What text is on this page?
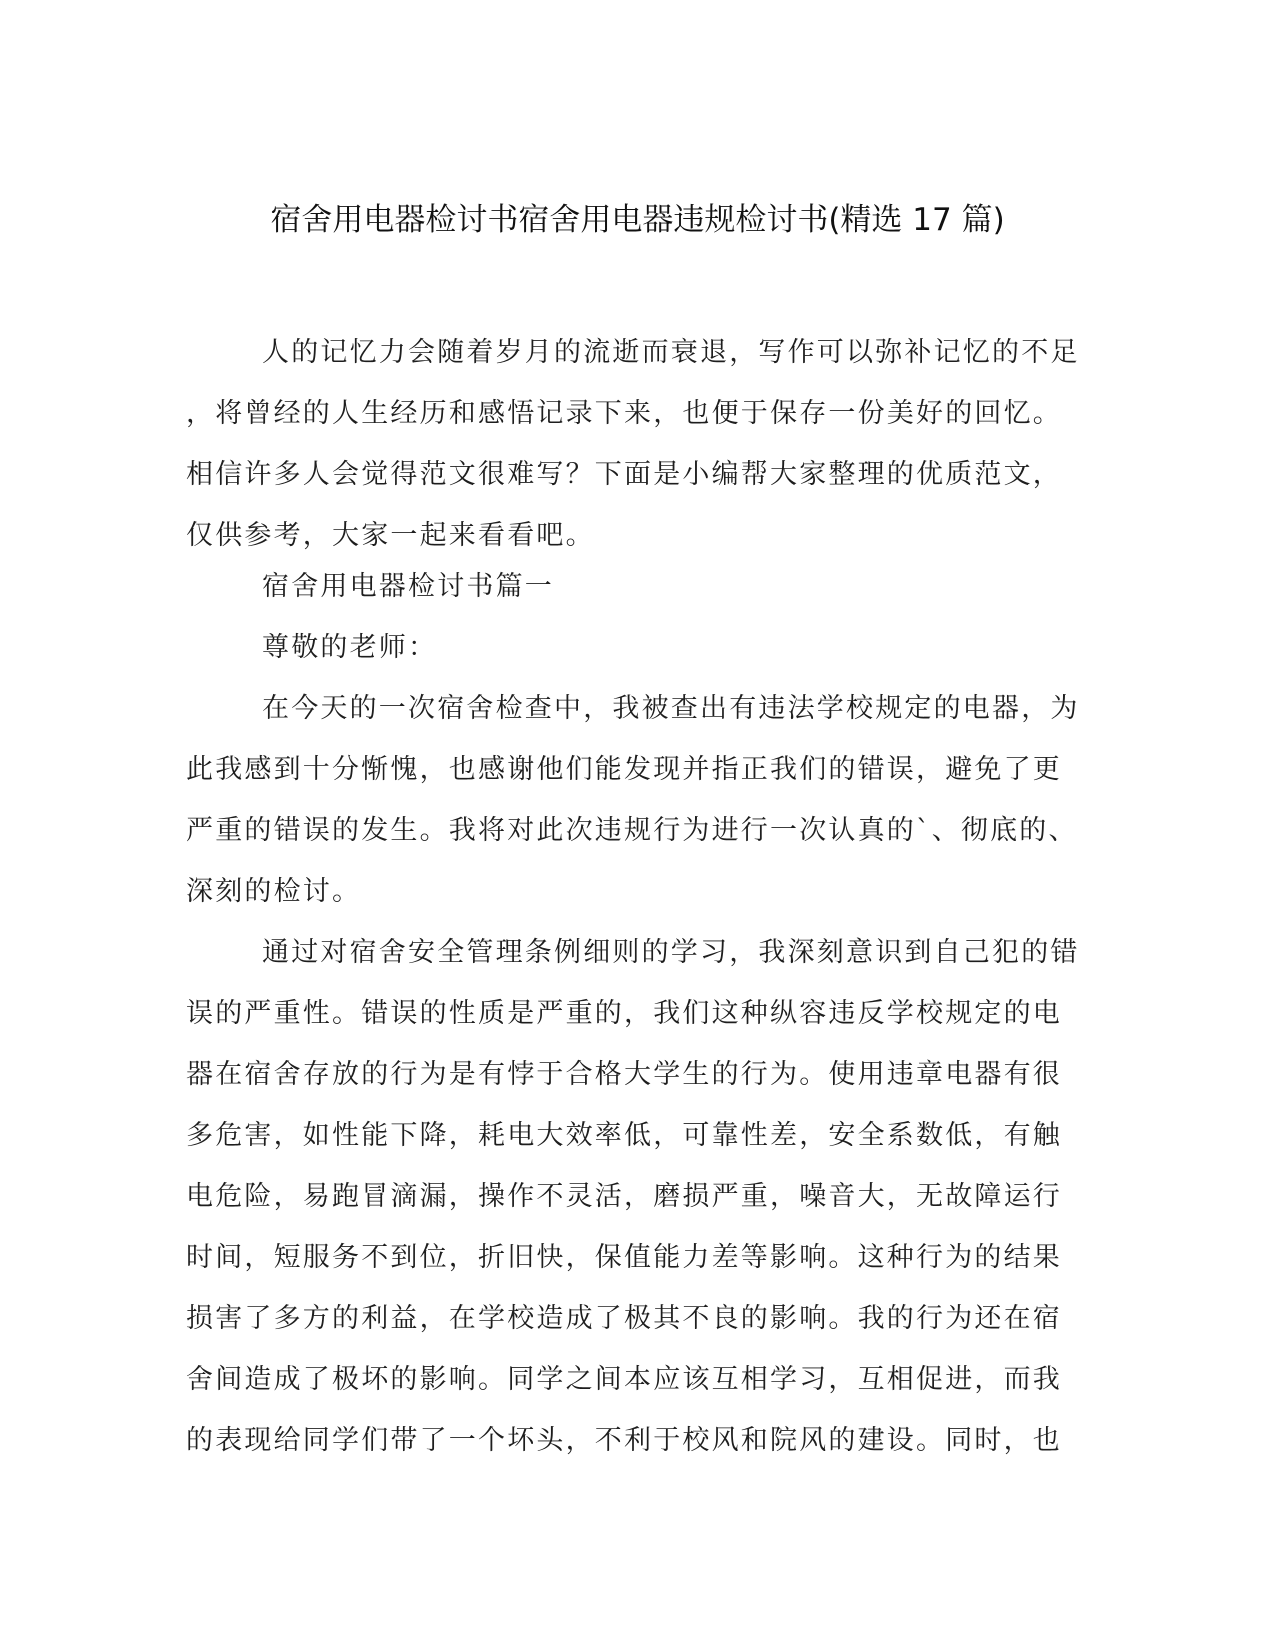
宿舍用电器检讨书宿舍用电器违规检讨书(精选 17 篇)
人的记忆力会随着岁月的流逝而衰退，写作可以弥补记忆的不足
，将曾经的人生经历和感悟记录下来，也便于保存一份美好的回忆。
相信许多人会觉得范文很难写？下面是小编帮大家整理的优质范文，
仅供参考，大家一起来看看吧。
宿舍用电器检讨书篇一
尊敬的老师：
在今天的一次宿舍检查中，我被查出有违法学校规定的电器，为
此我感到十分惭愧，也感谢他们能发现并指正我们的错误，避免了更
严重的错误的发生。我将对此次违规行为进行一次认真的`、彻底的、
深刻的检讨。
通过对宿舍安全管理条例细则的学习，我深刻意识到自己犯的错
误的严重性。错误的性质是严重的，我们这种纵容违反学校规定的电
器在宿舍存放的行为是有悖于合格大学生的行为。使用违章电器有很
多危害，如性能下降，耗电大效率低，可靠性差，安全系数低，有触
电危险，易跑冒滴漏，操作不灵活，磨损严重，噪音大，无故障运行
时间，短服务不到位，折旧快，保值能力差等影响。这种行为的结果
损害了多方的利益，在学校造成了极其不良的影响。我的行为还在宿
舍间造成了极坏的影响。同学之间本应该互相学习，互相促进，而我
的表现给同学们带了一个坏头，不利于校风和院风的建设。同时，也
